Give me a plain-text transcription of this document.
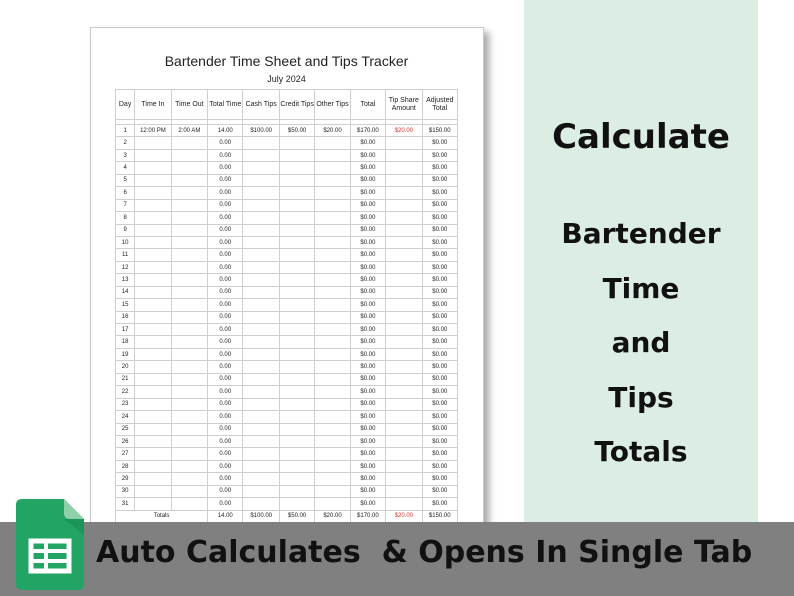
Bartender Time Sheet and Tips Tracker
July 2024
Day	Time In	Time Out	Total Time	Cash Tips	Credit Tips	Other Tips	Total	Tip Share Amount	Adjusted Total

1	12:00 PM	2:00 AM	14.00	$100.00	$50.00	$20.00	$170.00	$20.00	$150.00
2			0.00				$0.00		$0.00
3			0.00				$0.00		$0.00
4			0.00				$0.00		$0.00
5			0.00				$0.00		$0.00
6			0.00				$0.00		$0.00
7			0.00				$0.00		$0.00
8			0.00				$0.00		$0.00
9			0.00				$0.00		$0.00
10			0.00				$0.00		$0.00
11			0.00				$0.00		$0.00
12			0.00				$0.00		$0.00
13			0.00				$0.00		$0.00
14			0.00				$0.00		$0.00
15			0.00				$0.00		$0.00
16			0.00				$0.00		$0.00
17			0.00				$0.00		$0.00
18			0.00				$0.00		$0.00
19			0.00				$0.00		$0.00
20			0.00				$0.00		$0.00
21			0.00				$0.00		$0.00
22			0.00				$0.00		$0.00
23			0.00				$0.00		$0.00
24			0.00				$0.00		$0.00
25			0.00				$0.00		$0.00
26			0.00				$0.00		$0.00
27			0.00				$0.00		$0.00
28			0.00				$0.00		$0.00
29			0.00				$0.00		$0.00
30			0.00				$0.00		$0.00
31			0.00				$0.00		$0.00
Totals			14.00	$100.00	$50.00	$20.00	$170.00	$20.00	$150.00
Calculate
Bartender
Time
and
Tips
Totals
Auto Calculates  & Opens In Single Tab
